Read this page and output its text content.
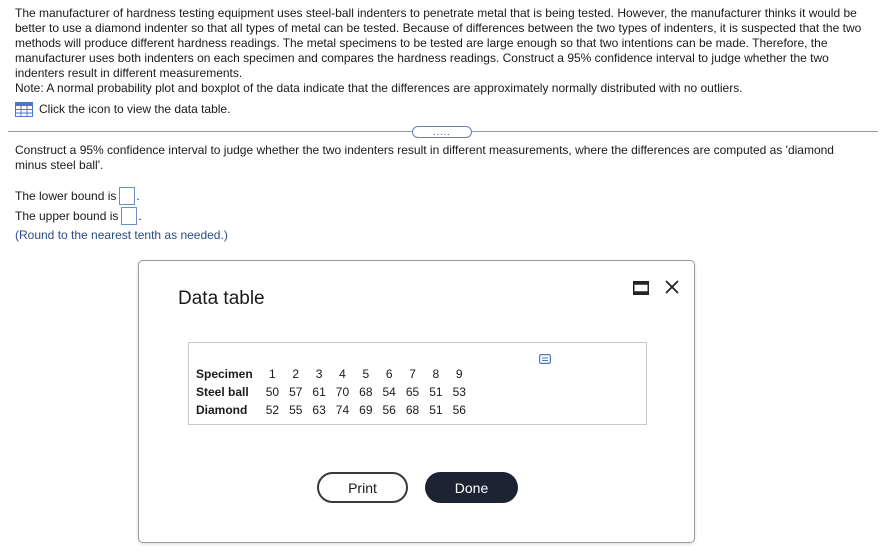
The manufacturer of hardness testing equipment uses steel-ball indenters to penetrate metal that is being tested. However, the manufacturer thinks it would be better to use a diamond indenter so that all types of metal can be tested. Because of differences between the two types of indenters, it is suspected that the two methods will produce different hardness readings. The metal specimens to be tested are large enough so that two intentions can be made. Therefore, the manufacturer uses both indenters on each specimen and compares the hardness readings. Construct a 95% confidence interval to judge whether the two indenters result in different measurements.

Note: A normal probability plot and boxplot of the data indicate that the differences are approximately normally distributed with no outliers.

Click the icon to view the data table.
.....
Construct a 95% confidence interval to judge whether the two indenters result in different measurements, where the differences are computed as 'diamond minus steel ball'.
The lower bound is .
The upper bound is .
(Round to the nearest tenth as needed.)
Data table
Specimen	1	2	3	4	5	6	7	8	9
Steel ball	50	57	61	70	68	54	65	51	53
Diamond	52	55	63	74	69	56	68	51	56
Print	Done
